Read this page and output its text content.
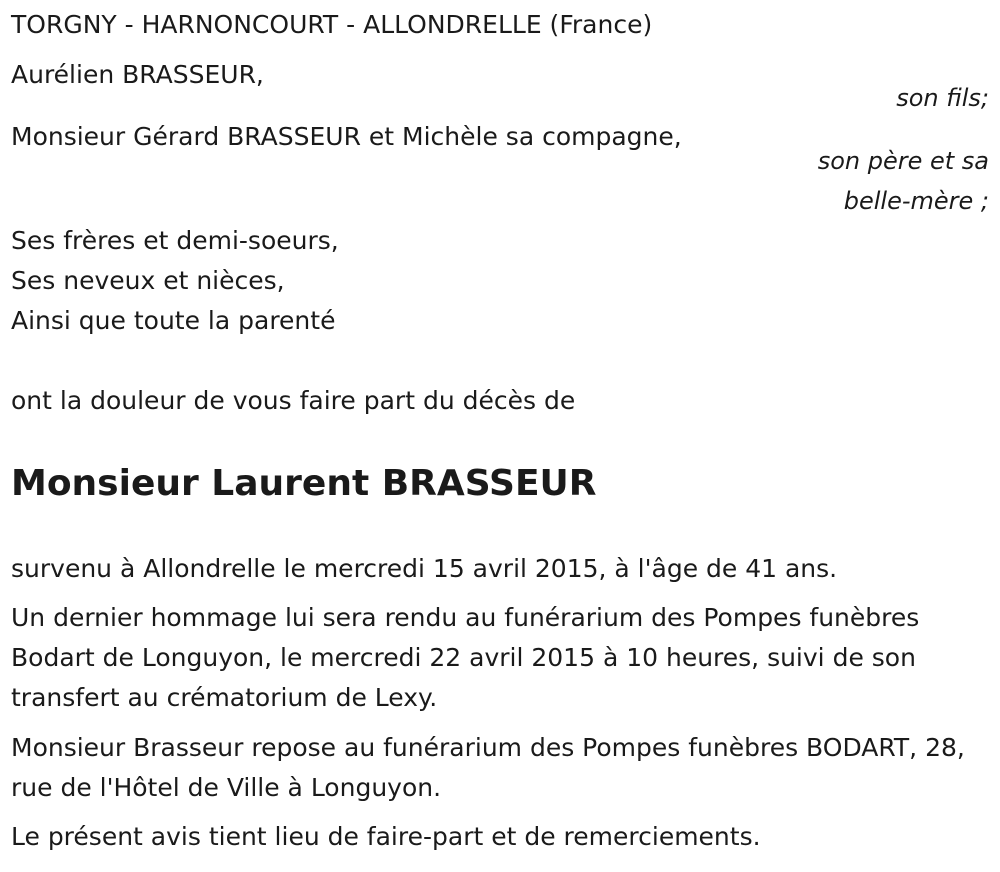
TORGNY - HARNONCOURT - ALLONDRELLE (France)
Aurélien BRASSEUR,
son fils;
Monsieur Gérard BRASSEUR et Michèle sa compagne,
son père et sa
belle-mère ;
Ses frères et demi-soeurs,
Ses neveux et nièces,
Ainsi que toute la parenté
ont la douleur de vous faire part du décès de
Monsieur Laurent BRASSEUR
survenu à Allondrelle le mercredi 15 avril 2015, à l'âge de 41 ans.
Un dernier hommage lui sera rendu au funérarium des Pompes funèbres Bodart de Longuyon, le mercredi 22 avril 2015 à 10 heures, suivi de son transfert au crématorium de Lexy.
Monsieur Brasseur repose au funérarium des Pompes funèbres BODART, 28, rue de l'Hôtel de Ville à Longuyon.
Le présent avis tient lieu de faire-part et de remerciements.
